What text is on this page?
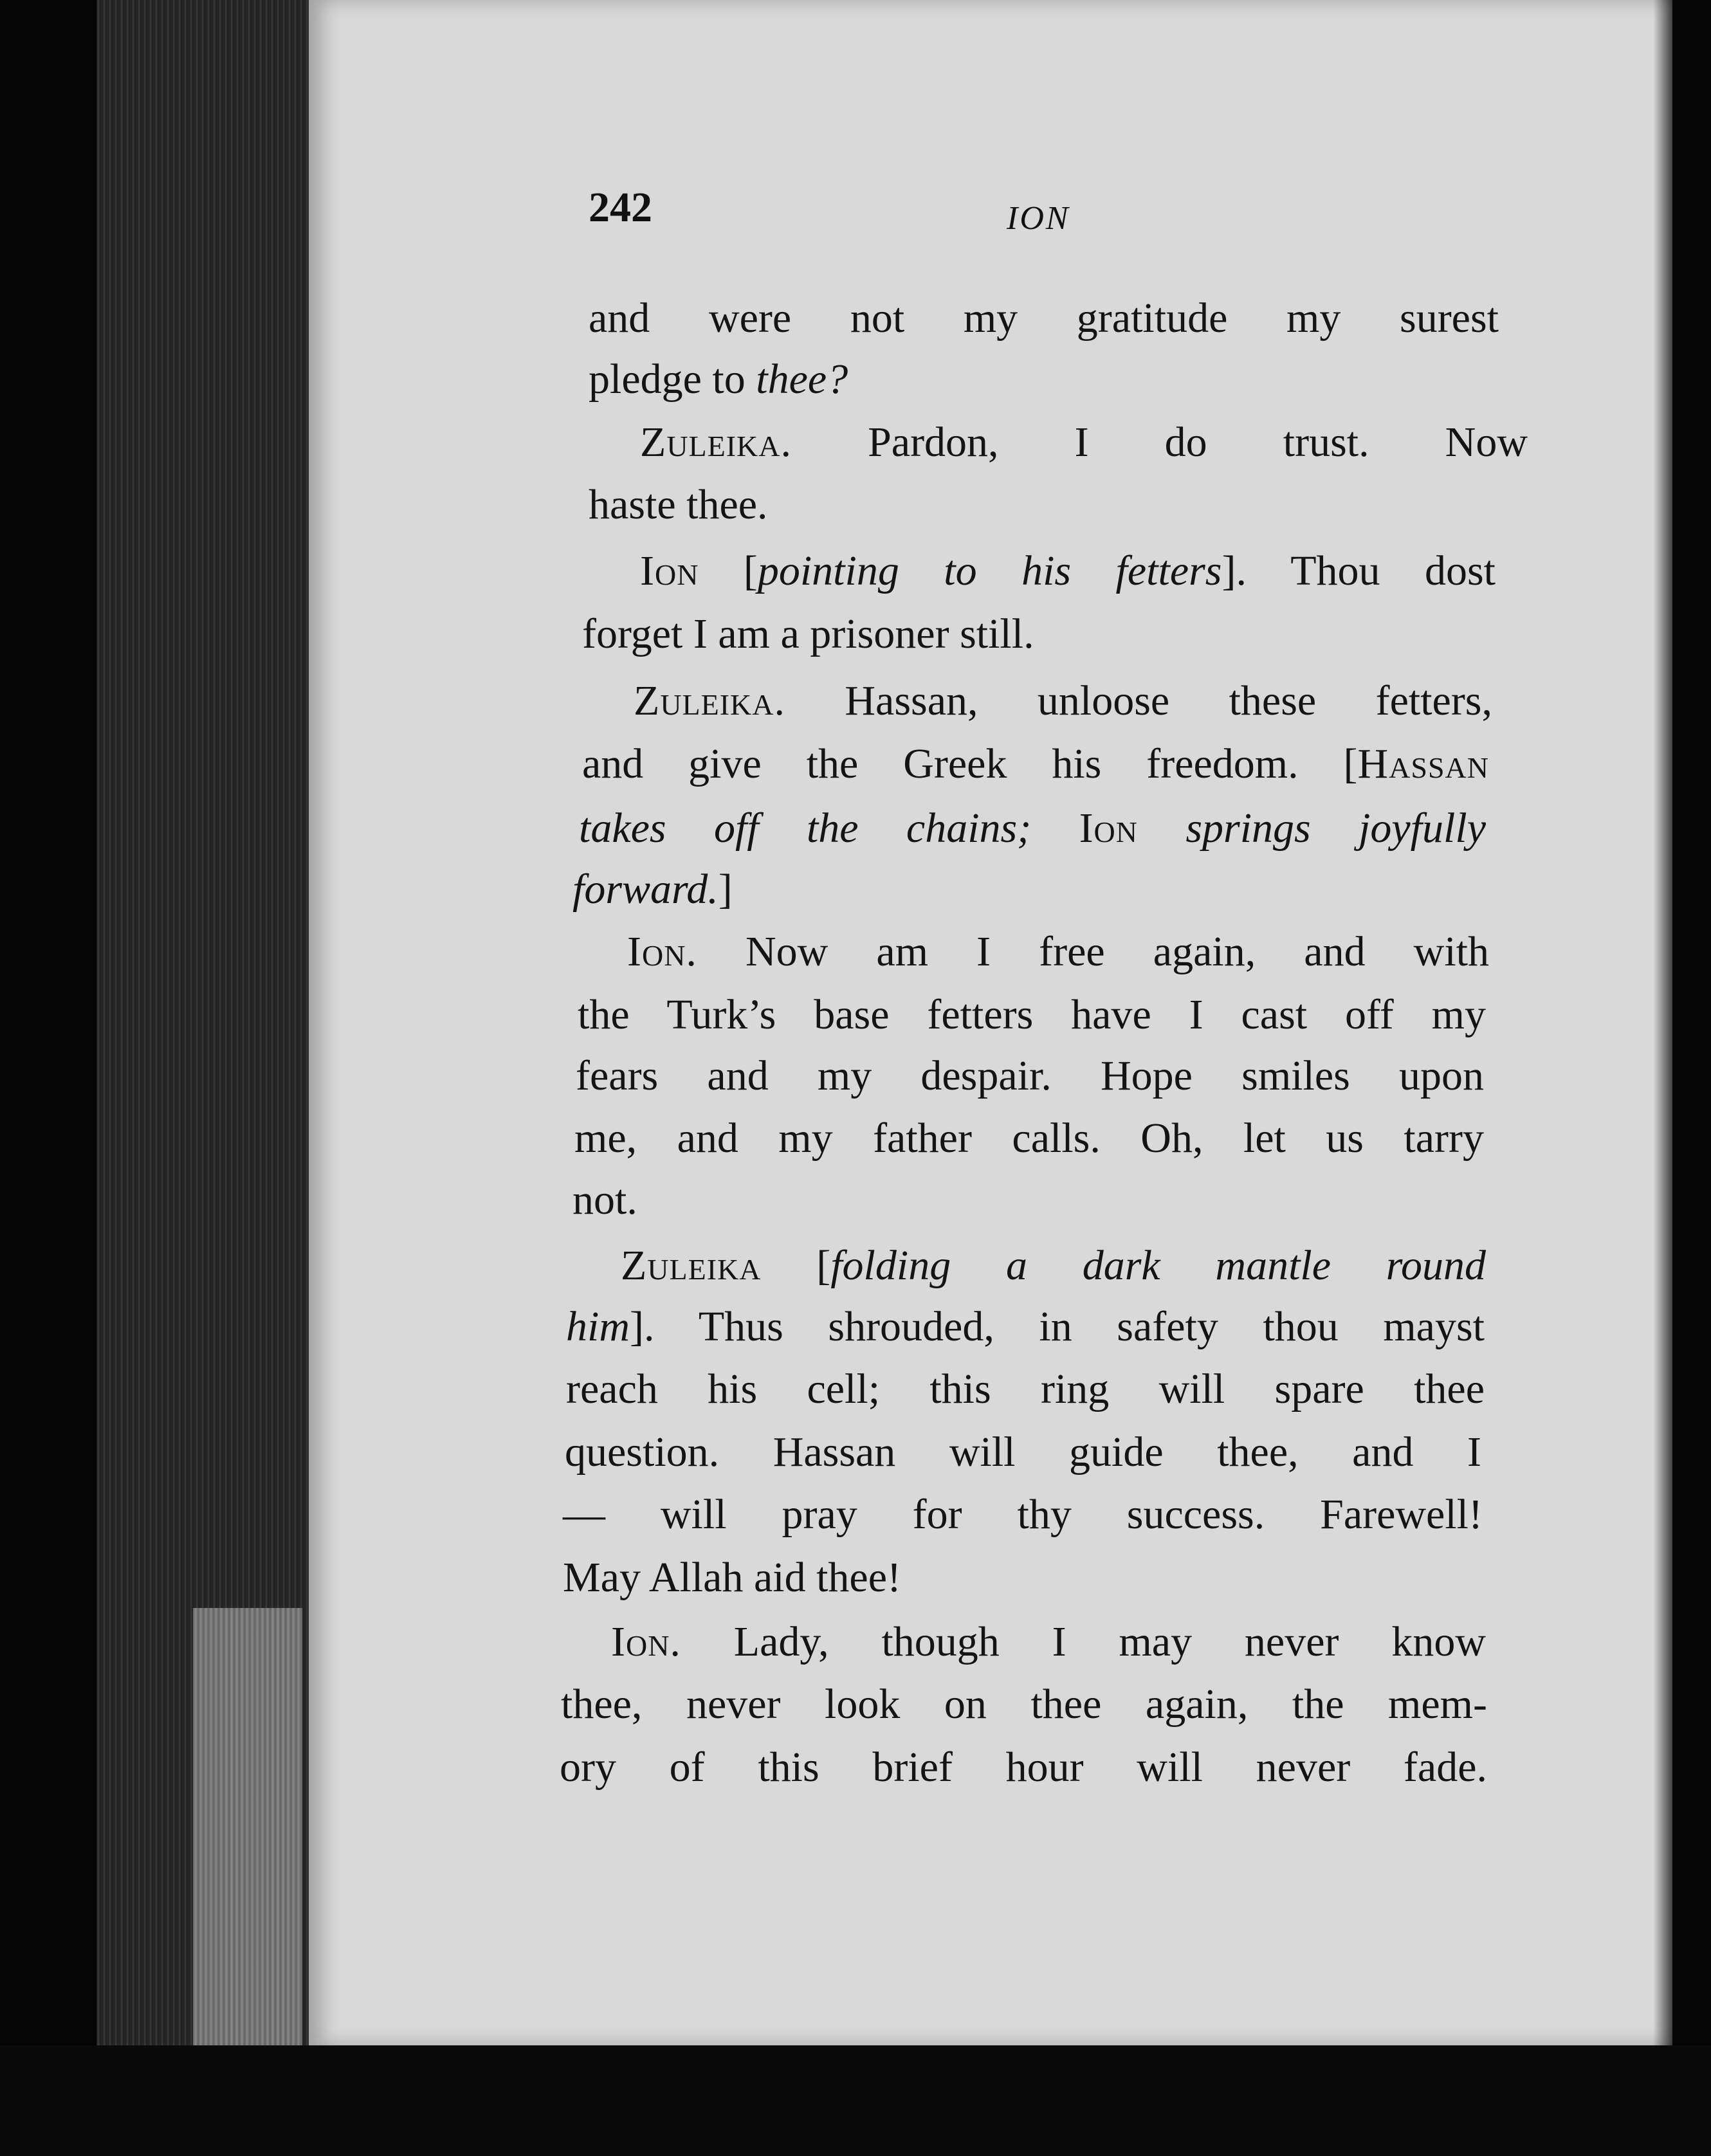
242	ION

and were not my gratitude my surest

pledge to thee?

Zuleika. Pardon, I do trust. Now

haste thee.

Ion [pointing to his fetters]. Thou dost

forget I am a prisoner still.

Zuleika. Hassan, unloose these fetters,

and give the Greek his freedom. [Hassan

takes off the chains; Ion springs joyfully

forward.]

Ion. Now am I free again, and with

the Turk’s base fetters have I cast off my

fears and my despair. Hope smiles upon

me, and my father calls. Oh, let us tarry

not.

Zuleika [folding a dark mantle round

him]. Thus shrouded, in safety thou mayst

reach his cell; this ring will spare thee

question. Hassan will guide thee, and I

— will pray for thy success. Farewell!

May Allah aid thee!

Ion. Lady, though I may never know

thee, never look on thee again, the mem-

ory of this brief hour will never fade.
